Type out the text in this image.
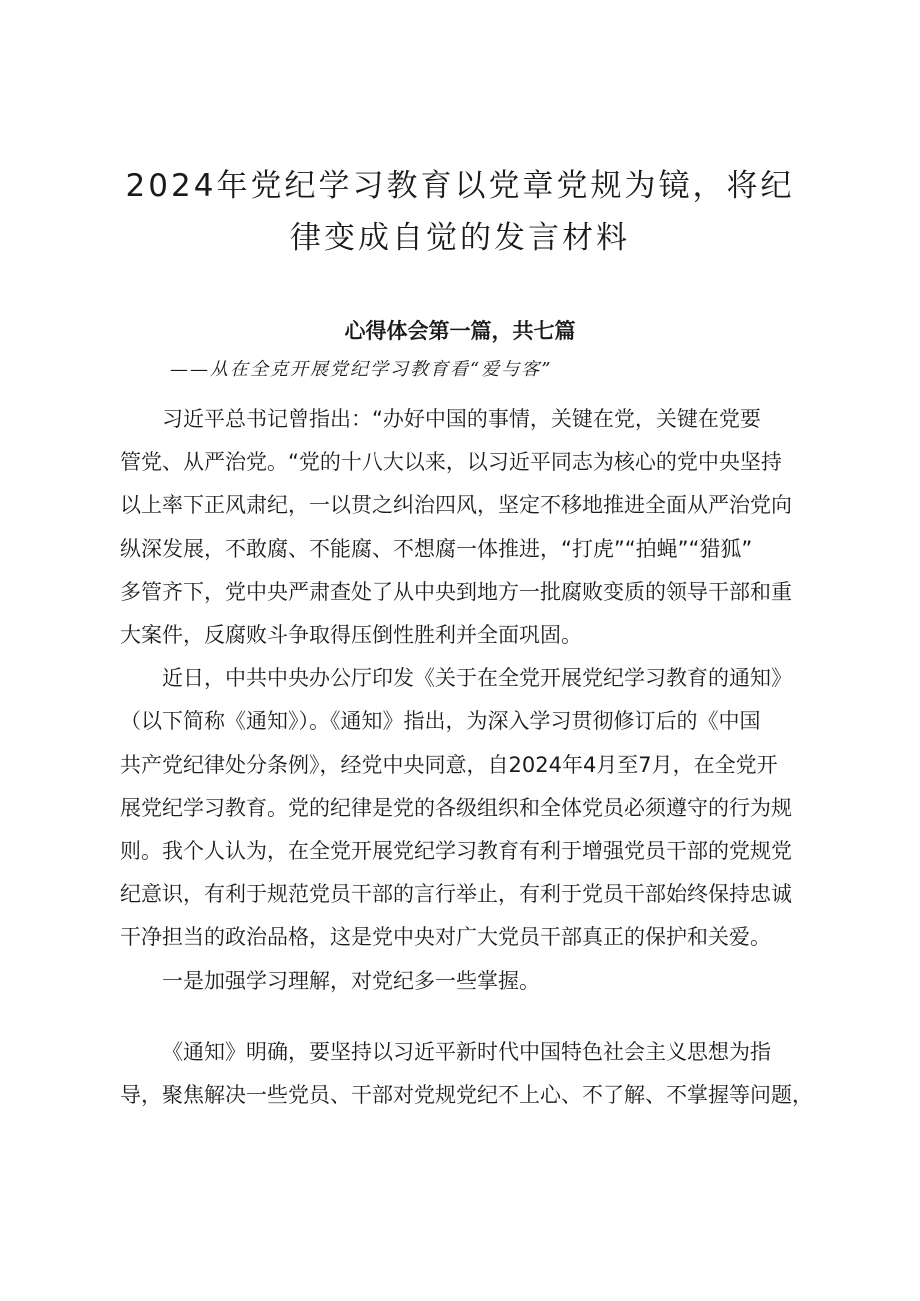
2024年党纪学习教育以党章党规为镜，将纪
律变成自觉的发言材料
心得体会第一篇，共七篇
——从在全克开展党纪学习教育看“爱与客”

习近平总书记曾指出：“办好中国的事情，关键在党，关键在党要
管党、从严治党。“党的十八大以来，以习近平同志为核心的党中央坚持
以上率下正风肃纪，一以贯之纠治四风，坚定不移地推进全面从严治党向
纵深发展，不敢腐、不能腐、不想腐一体推进，“打虎”“拍蝇”“猎狐”
多管齐下，党中央严肃查处了从中央到地方一批腐败变质的领导干部和重
大案件，反腐败斗争取得压倒性胜利并全面巩固。

近日，中共中央办公厅印发《关于在全党开展党纪学习教育的通知》
（以下简称《通知》）。《通知》指出，为深入学习贯彻修订后的《中国
共产党纪律处分条例》，经党中央同意，自2024年4月至7月，在全党开
展党纪学习教育。党的纪律是党的各级组织和全体党员必须遵守的行为规
则。我个人认为，在全党开展党纪学习教育有利于增强党员干部的党规党
纪意识，有利于规范党员干部的言行举止，有利于党员干部始终保持忠诚
干净担当的政治品格，这是党中央对广大党员干部真正的保护和关爱。

一是加强学习理解，对党纪多一些掌握。

《通知》明确，要坚持以习近平新时代中国特色社会主义思想为指
导，聚焦解决一些党员、干部对党规党纪不上心、不了解、不掌握等问题，
